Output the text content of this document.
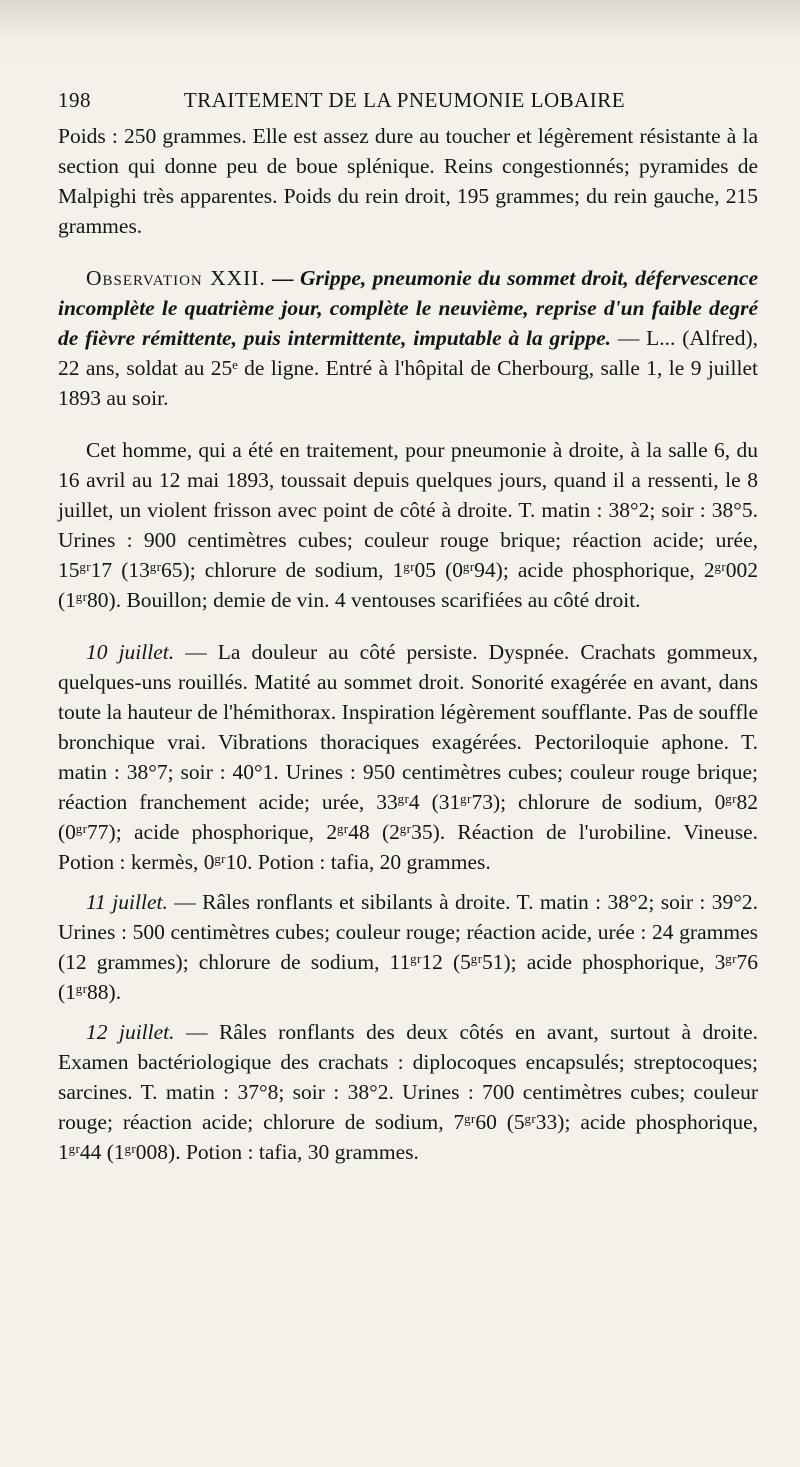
198	TRAITEMENT DE LA PNEUMONIE LOBAIRE

Poids : 250 grammes. Elle est assez dure au toucher et légèrement résistante à la section qui donne peu de boue splénique. Reins congestionnés; pyramides de Malpighi très apparentes. Poids du rein droit, 195 grammes; du rein gauche, 215 grammes.

Observation XXII. — Grippe, pneumonie du sommet droit, défervescence incomplète le quatrième jour, complète le neuvième, reprise d'un faible degré de fièvre rémittente, puis intermittente, imputable à la grippe. — L... (Alfred), 22 ans, soldat au 25ᵉ de ligne. Entré à l'hôpital de Cherbourg, salle 1, le 9 juillet 1893 au soir.

Cet homme, qui a été en traitement, pour pneumonie à droite, à la salle 6, du 16 avril au 12 mai 1893, toussait depuis quelques jours, quand il a ressenti, le 8 juillet, un violent frisson avec point de côté à droite. T. matin : 38°2; soir : 38°5. Urines : 900 centimètres cubes; couleur rouge brique; réaction acide; urée, 15ᵍʳ17 (13ᵍʳ65); chlorure de sodium, 1ᵍʳ05 (0ᵍʳ94); acide phosphorique, 2ᵍʳ002 (1ᵍʳ80). Bouillon; demie de vin. 4 ventouses scarifiées au côté droit.

10 juillet. — La douleur au côté persiste. Dyspnée. Crachats gommeux, quelques-uns rouillés. Matité au sommet droit. Sonorité exagérée en avant, dans toute la hauteur de l'hémithorax. Inspiration légèrement soufflante. Pas de souffle bronchique vrai. Vibrations thoraciques exagérées. Pectoriloquie aphone. T. matin : 38°7; soir : 40°1. Urines : 950 centimètres cubes; couleur rouge brique; réaction franchement acide; urée, 33ᵍʳ4 (31ᵍʳ73); chlorure de sodium, 0ᵍʳ82 (0ᵍʳ77); acide phosphorique, 2ᵍʳ48 (2ᵍʳ35). Réaction de l'urobiline. Vineuse. Potion : kermès, 0ᵍʳ10. Potion : tafia, 20 grammes.

11 juillet. — Râles ronflants et sibilants à droite. T. matin : 38°2; soir : 39°2. Urines : 500 centimètres cubes; couleur rouge; réaction acide, urée : 24 grammes (12 grammes); chlorure de sodium, 11ᵍʳ12 (5ᵍʳ51); acide phosphorique, 3ᵍʳ76 (1ᵍʳ88).

12 juillet. — Râles ronflants des deux côtés en avant, surtout à droite. Examen bactériologique des crachats : diplocoques encapsulés; streptocoques; sarcines. T. matin : 37°8; soir : 38°2. Urines : 700 centimètres cubes; couleur rouge; réaction acide; chlorure de sodium, 7ᵍʳ60 (5ᵍʳ33); acide phosphorique, 1ᵍʳ44 (1ᵍʳ008). Potion : tafia, 30 grammes.
